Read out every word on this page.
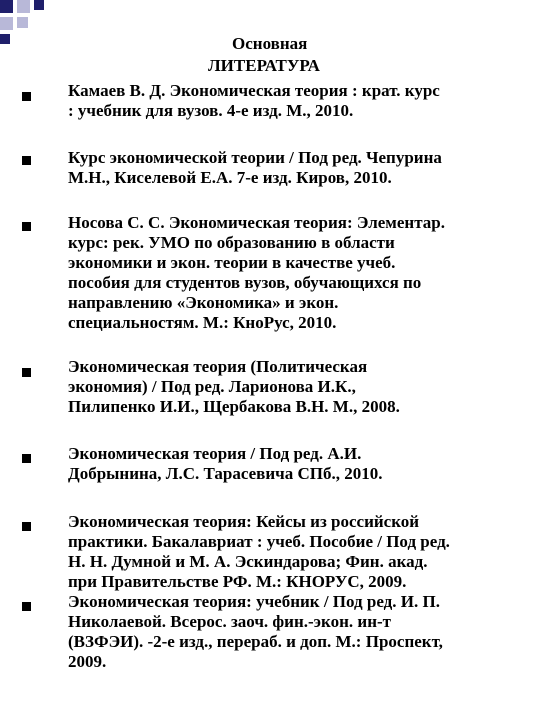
Основная
ЛИТЕРАТУРА
Камаев В. Д. Экономическая теория : крат. курс
: учебник для вузов. 4-е изд. М., 2010.
Курс экономической теории / Под ред. Чепурина
М.Н., Киселевой Е.А. 7-е изд. Киров, 2010.
Носова С. С. Экономическая теория: Элементар.
курс: рек. УМО по образованию в области
экономики и экон. теории в качестве учеб.
пособия для студентов вузов, обучающихся по
направлению «Экономика» и экон.
специальностям. М.: КноРус, 2010.
Экономическая теория (Политическая
экономия) / Под ред. Ларионова И.К.,
Пилипенко И.И., Щербакова В.Н. М., 2008.
Экономическая теория / Под ред. А.И.
Добрынина, Л.С. Тарасевича СПб., 2010.
Экономическая теория: Кейсы из российской
практики. Бакалавриат : учеб. Пособие / Под ред.
Н. Н. Думной и М. А. Эскиндарова; Фин. акад.
при Правительстве РФ. М.: КНОРУС, 2009.
Экономическая теория: учебник / Под ред. И. П.
Николаевой. Всерос. заоч. фин.-экон. ин-т
(ВЗФЭИ). -2-е изд., перераб. и доп. М.: Проспект,
2009.
